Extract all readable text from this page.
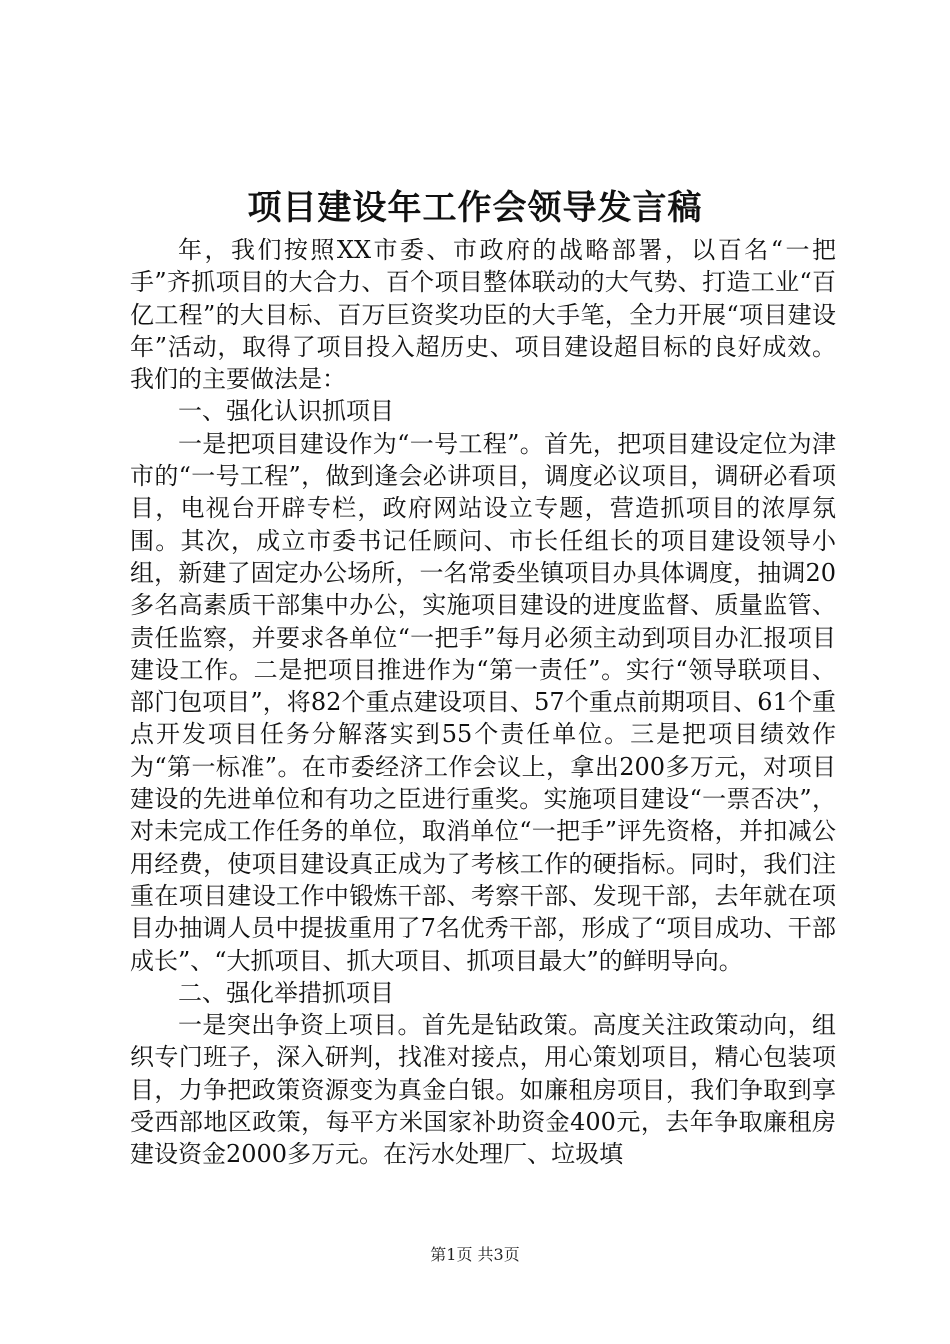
项目建设年工作会领导发言稿

年，我们按照XX市委、市政府的战略部署，以百名“一把手”齐抓项目的大合力、百个项目整体联动的大气势、打造工业“百亿工程”的大目标、百万巨资奖功臣的大手笔，全力开展“项目建设年”活动，取得了项目投入超历史、项目建设超目标的良好成效。我们的主要做法是：

一、强化认识抓项目

一是把项目建设作为“一号工程”。首先，把项目建设定位为津市的“一号工程”，做到逢会必讲项目，调度必议项目，调研必看项目，电视台开辟专栏，政府网站设立专题，营造抓项目的浓厚氛围。其次，成立市委书记任顾问、市长任组长的项目建设领导小组，新建了固定办公场所，一名常委坐镇项目办具体调度，抽调20多名高素质干部集中办公，实施项目建设的进度监督、质量监管、责任监察，并要求各单位“一把手”每月必须主动到项目办汇报项目建设工作。二是把项目推进作为“第一责任”。实行“领导联项目、部门包项目”，将82个重点建设项目、57个重点前期项目、61个重点开发项目任务分解落实到55个责任单位。三是把项目绩效作为“第一标准”。在市委经济工作会议上，拿出200多万元，对项目建设的先进单位和有功之臣进行重奖。实施项目建设“一票否决”，对未完成工作任务的单位，取消单位“一把手”评先资格，并扣减公用经费，使项目建设真正成为了考核工作的硬指标。同时，我们注重在项目建设工作中锻炼干部、考察干部、发现干部，去年就在项目办抽调人员中提拔重用了7名优秀干部，形成了“项目成功、干部成长”、“大抓项目、抓大项目、抓项目最大”的鲜明导向。

二、强化举措抓项目

一是突出争资上项目。首先是钻政策。高度关注政策动向，组织专门班子，深入研判，找准对接点，用心策划项目，精心包装项目，力争把政策资源变为真金白银。如廉租房项目，我们争取到享受西部地区政策，每平方米国家补助资金400元，去年争取廉租房建设资金2000多万元。在污水处理厂、垃圾填

第1页 共3页
